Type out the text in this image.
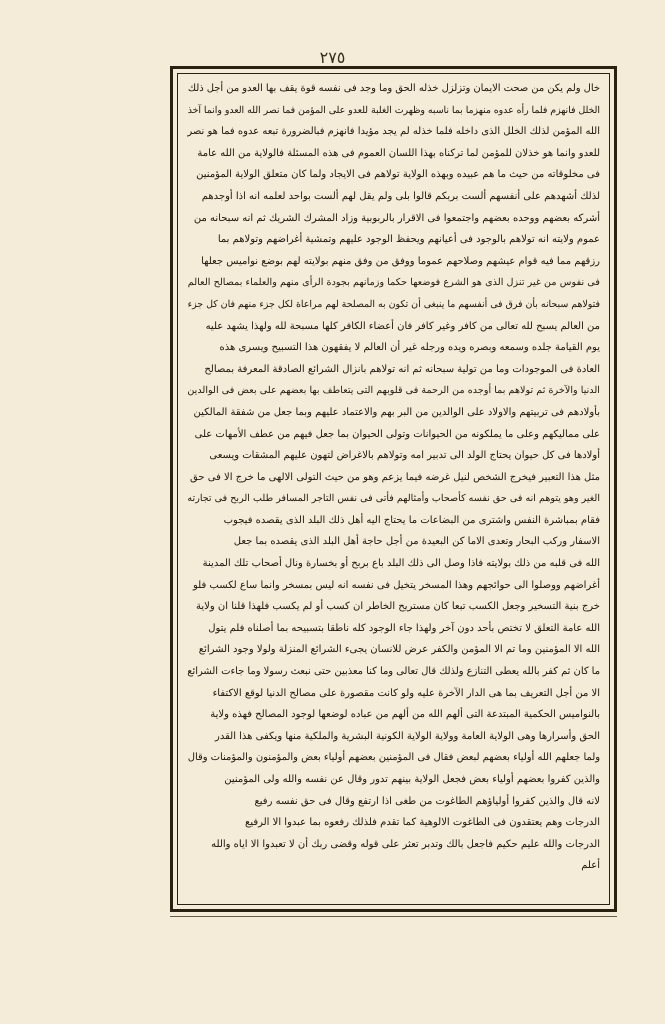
٢٧٥
خال ولم يكن من صحت الايمان وتزلزل خذله الحق وما وجد فى نفسه قوة يقف بها العدو من أجل ذلك
الخلل فانهزم فلما رأه عدوه منهزما بما ناسبه وظهرت الغلبة للعدو على المؤمن فما نصر الله العدو وانما آخذ
الله المؤمن لذلك الخلل الذى داخله فلما خذله لم يجد مؤيدا فانهزم فبالضرورة تبعه عدوه فما هو نصر
للعدو وانما هو خذلان للمؤمن لما تركناه بهذا اللسان العموم فى هذه المسئلة فالولاية من الله عامة
فى مخلوقاته من حيث ما هم عبيده وبهذه الولاية تولاهم فى الايجاد ولما كان متعلق الولاية المؤمنين
لذلك أشهدهم على أنفسهم ألست بربكم قالوا بلى ولم يقل لهم ألست بواحد لعلمه انه اذا أوجدهم
أشركه بعضهم ووحده بعضهم واجتمعوا فى الاقرار بالربوبية وزاد المشرك الشريك ثم انه سبحانه من
عموم ولايته انه تولاهم بالوجود فى أعيانهم ويحفظ الوجود عليهم وتمشية أغراضهم وتولاهم بما
رزقهم مما فيه قوام عيشهم وصلاحهم عموما ووفق من وفق منهم بولايته لهم بوضع نواميس جعلها
فى نفوس من غير تنزل الذى هو الشرع فوضعها حكما وزمانهم بجودة الرأى منهم والعلماء بمصالح العالم
فتولاهم سبحانه بأن فرق فى أنفسهم ما ينبغى أن تكون به المصلحة لهم مراعاة لكل جزء منهم فان كل جزء
من العالم يسبح لله تعالى من كافر وغير كافر فان أعضاء الكافر كلها مسبحة لله ولهذا يشهد عليه
يوم القيامة جلده وسمعه وبصره ويده ورجله غير أن العالم لا يفقهون هذا التسبيح ويسرى هذه
العادة فى الموجودات وما من تولية سبحانه ثم انه تولاهم بانزال الشرائع الصادقة المعرفة بمصالح
الدنيا والآخرة ثم تولاهم بما أوجده من الرحمة فى قلوبهم التى يتعاطف بها بعضهم على بعض فى الوالدين
بأولادهم فى تربيتهم والاولاد على الوالدين من البر بهم والاعتماد عليهم وبما جعل من شفقة المالكين
على مماليكهم وعلى ما يملكونه من الحيوانات وتولى الحيوان بما جعل فيهم من عطف الأمهات على
أولادها فى كل حيوان يحتاج الولد الى تدبير امه وتولاهم بالاغراض لتهون عليهم المشقات ويسعى
مثل هذا التعبير فيخرج الشخص لنيل غرضه فيما يزعم وهو من حيث التولى الالهى ما خرج الا فى حق
الغير وهو يتوهم انه فى حق نفسه كأصحاب وأمثالهم فأتى فى نفس التاجر المسافر طلب الربح فى تجارته
فقام بمباشرة النفس واشترى من البضاعات ما يحتاج اليه أهل ذلك البلد الذى يقصده فيجوب
الاسفار وركب البحار وتعدى الاما كن البعيدة من أجل حاجة أهل البلد الذى يقصده بما جعل
الله فى قلبه من ذلك بولايته فاذا وصل الى ذلك البلد باع بربح أو بخسارة ونال أصحاب تلك المدينة
أغراضهم ووصلوا الى حوائجهم وهذا المسخر يتخيل فى نفسه انه ليس بمسخر وانما ساع لكسب فلو
خرج بنية التسخير وجعل الكسب تبعا كان مستريح الخاطر ان كسب أو لم يكسب فلهذا قلنا ان ولاية
الله عامة التعلق لا تختص بأحد دون آخر ولهذا جاء الوجود كله ناطقا بتسبيحه بما أصلناه فلم يتول
الله الا المؤمنين وما تم الا المؤمن والكفر عرض للانسان يجىء الشرائع المنزلة ولولا وجود الشرائع
ما كان ثم كفر بالله يعطى التنازع ولذلك قال تعالى وما كنا معذبين حتى نبعث رسولا وما جاءت الشرائع
الا من أجل التعريف بما هى الدار الآخرة عليه ولو كانت مقصورة على مصالح الدنيا لوقع الاكتفاء
بالنواميس الحكمية المبتدعة التى ألهم الله من ألهم من عباده لوضعها لوجود المصالح فهذه ولاية
الحق وأسرارها وهى الولاية العامة وولاية الولاية الكونية البشرية والملكية منها ويكفى هذا القدر
ولما جعلهم الله أولياء بعضهم لبعض فقال فى المؤمنين بعضهم أولياء بعض والمؤمنون والمؤمنات وقال
والذين كفروا بعضهم أولياء بعض فجعل الولاية بينهم تدور وقال عن نفسه والله ولى المؤمنين
لانه قال والذين كفروا أولياؤهم الطاغوت من طغى اذا ارتفع وقال فى حق نفسه رفيع
الدرجات وهم يعتقدون فى الطاغوت الالوهية كما تقدم فلذلك رفعوه بما عبدوا الا الرفيع
الدرجات والله عليم حكيم فاجعل بالك وتدبر تعثر على قوله وقضى ربك أن لا تعبدوا الا اياه والله
أعلم
